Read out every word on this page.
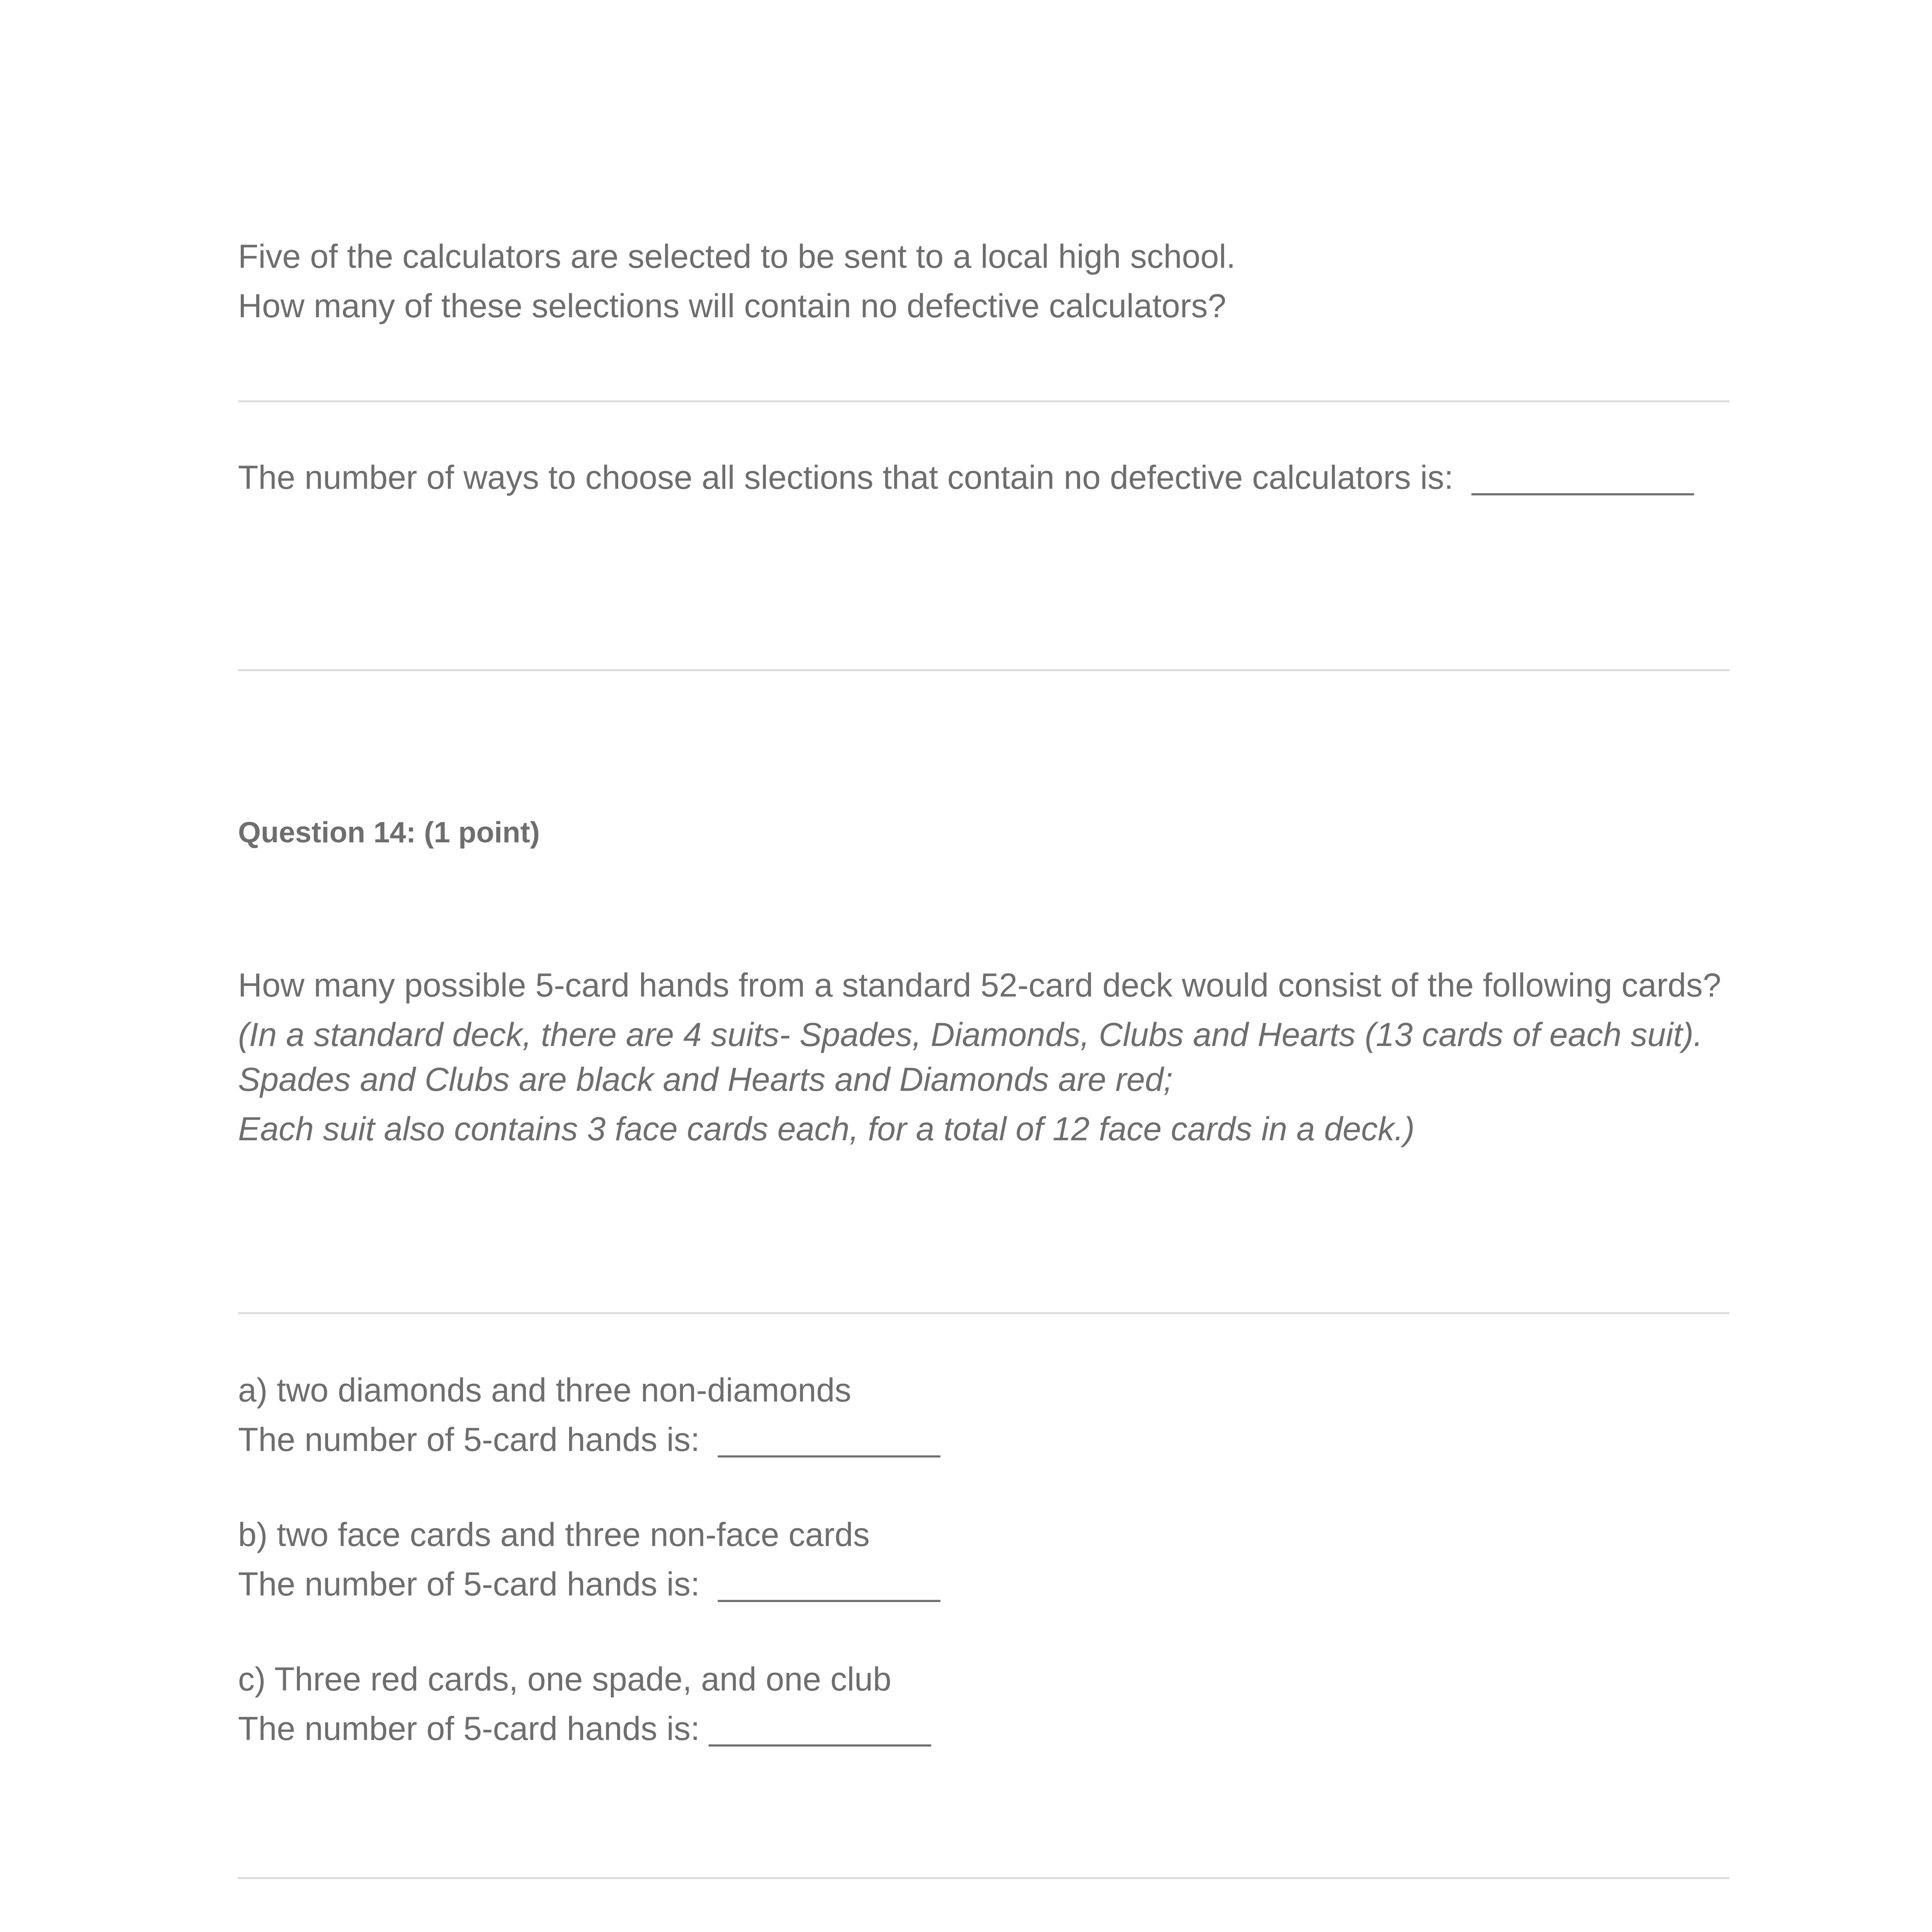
Five of the calculators are selected to be sent to a local high school.

How many of these selections will contain no defective calculators?

The number of ways to choose all slections that contain no defective calculators is:  ____________

Question 14: (1 point)

How many possible 5-card hands from a standard 52-card deck would consist of the following cards?

(In a standard deck, there are 4 suits- Spades, Diamonds, Clubs and Hearts (13 cards of each suit).

Spades and Clubs are black and Hearts and Diamonds are red;

Each suit also contains 3 face cards each, for a total of 12 face cards in a deck.)

a) two diamonds and three non-diamonds

The number of 5-card hands is:  ____________

b) two face cards and three non-face cards

The number of 5-card hands is:  ____________

c) Three red cards, one spade, and one club

The number of 5-card hands is: ____________
